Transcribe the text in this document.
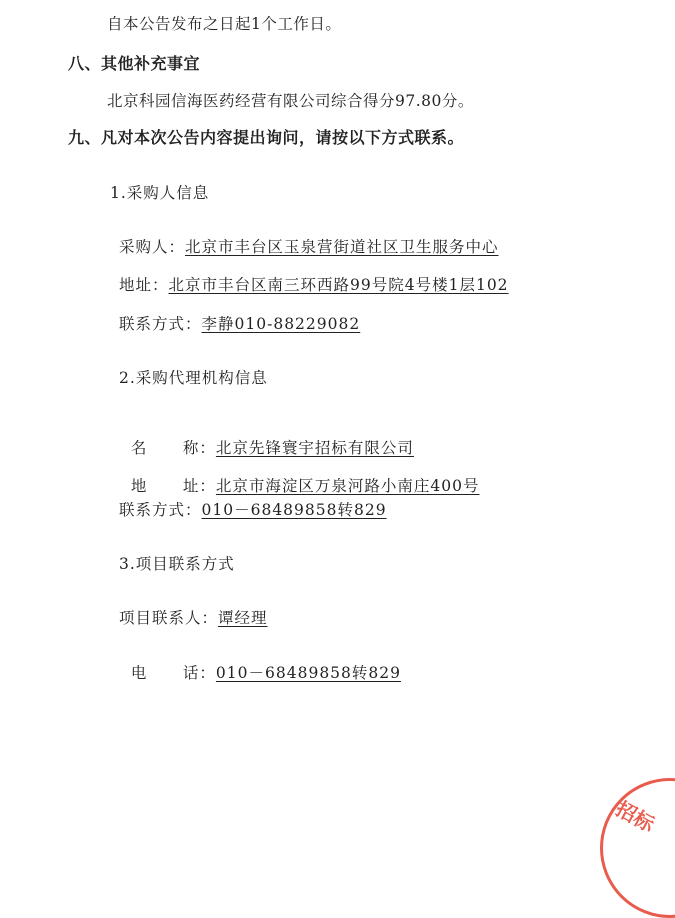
自本公告发布之日起1个工作日。
八、其他补充事宜
北京科园信海医药经营有限公司综合得分97.80分。
九、凡对本次公告内容提出询问，请按以下方式联系。
1.采购人信息
采购人：北京市丰台区玉泉营街道社区卫生服务中心
地址：北京市丰台区南三环西路99号院4号楼1层102
联系方式：李静010-88229082
2.采购代理机构信息

名      称：北京先锋寰宇招标有限公司

地      址：北京市海淀区万泉河路小南庄400号

联系方式：010－68489858转829
3.项目联系方式
项目联系人：谭经理

电      话：010－68489858转829

招标
